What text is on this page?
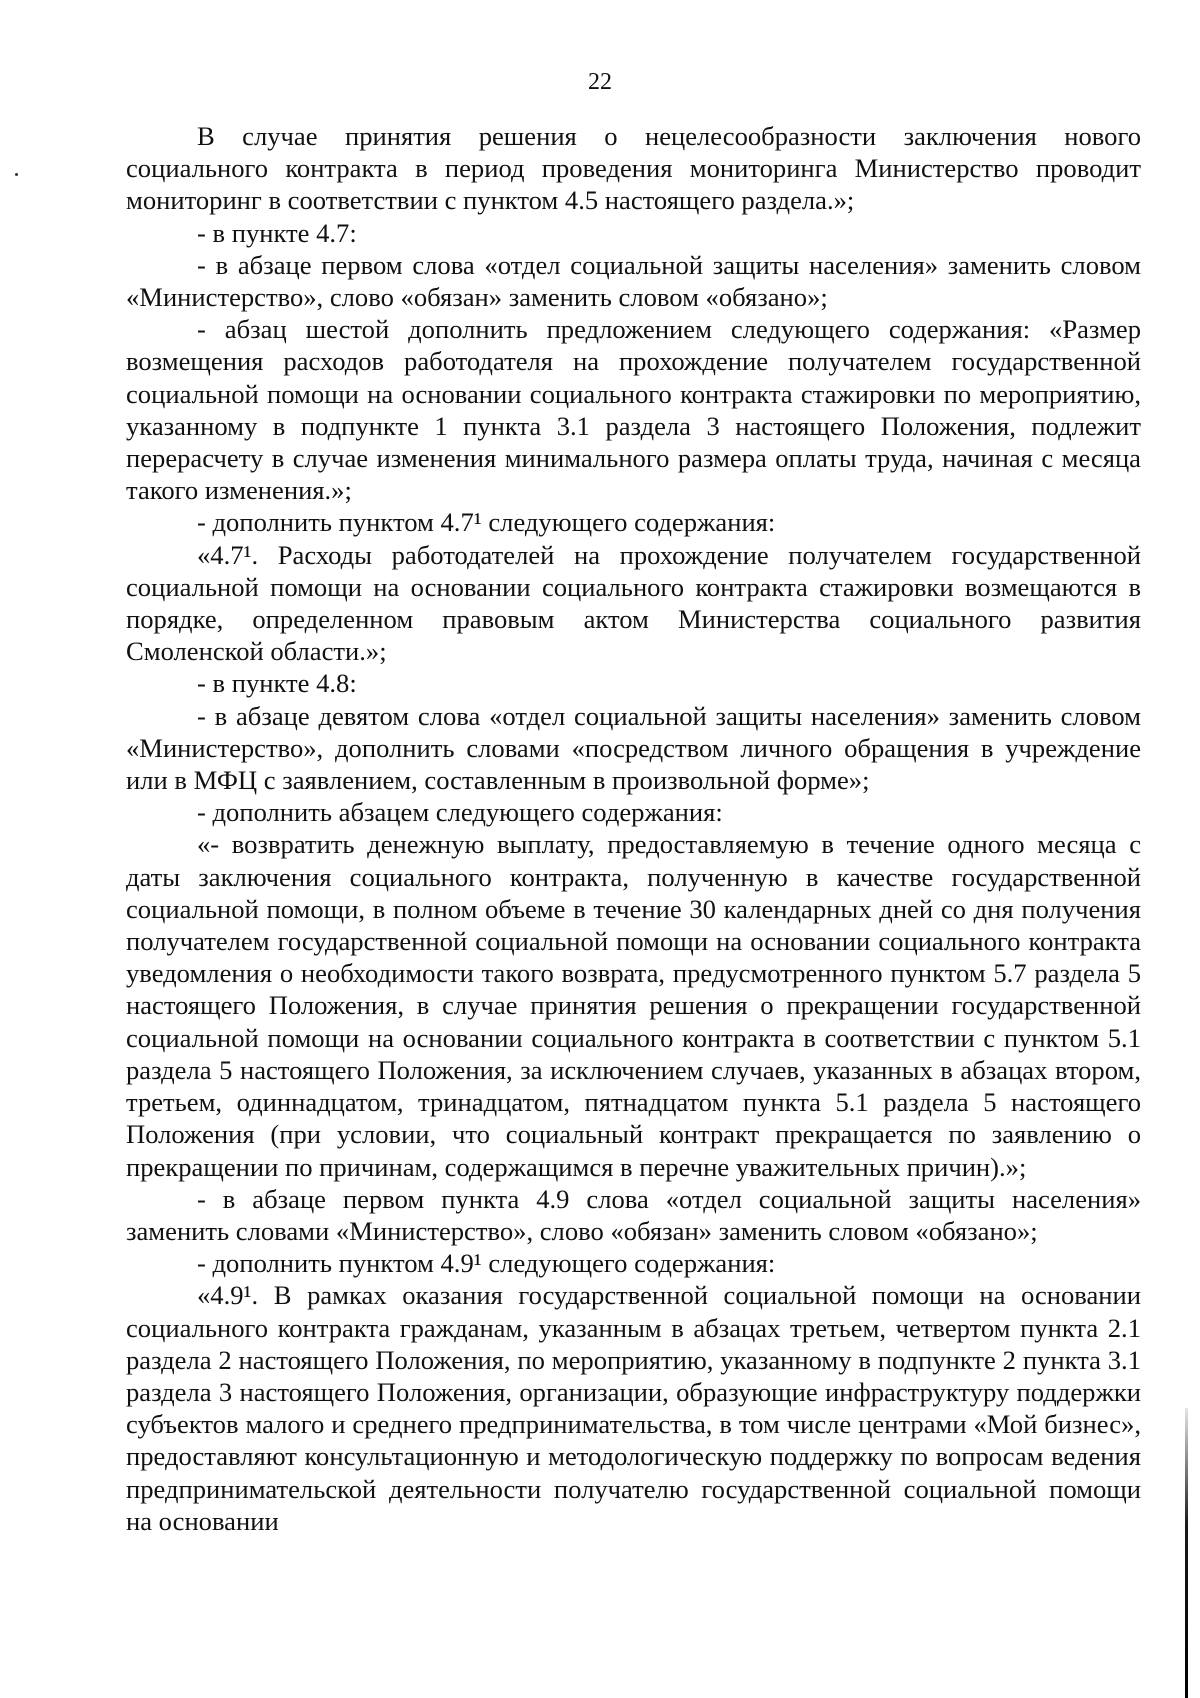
22

В случае принятия решения о нецелесообразности заключения нового социального контракта в период проведения мониторинга Министерство проводит мониторинг в соответствии с пунктом 4.5 настоящего раздела.»;

- в пункте 4.7:

- в абзаце первом слова «отдел социальной защиты населения» заменить словом «Министерство», слово «обязан» заменить словом «обязано»;

- абзац шестой дополнить предложением следующего содержания: «Размер возмещения расходов работодателя на прохождение получателем государственной социальной помощи на основании социального контракта стажировки по мероприятию, указанному в подпункте 1 пункта 3.1 раздела 3 настоящего Положения, подлежит перерасчету в случае изменения минимального размера оплаты труда, начиная с месяца такого изменения.»;

- дополнить пунктом 4.7¹ следующего содержания:

«4.7¹. Расходы работодателей на прохождение получателем государственной социальной помощи на основании социального контракта стажировки возмещаются в порядке, определенном правовым актом Министерства социального развития Смоленской области.»;

- в пункте 4.8:

- в абзаце девятом слова «отдел социальной защиты населения» заменить словом «Министерство», дополнить словами «посредством личного обращения в учреждение или в МФЦ с заявлением, составленным в произвольной форме»;

- дополнить абзацем следующего содержания:

«- возвратить денежную выплату, предоставляемую в течение одного месяца с даты заключения социального контракта, полученную в качестве государственной социальной помощи, в полном объеме в течение 30 календарных дней со дня получения получателем государственной социальной помощи на основании социального контракта уведомления о необходимости такого возврата, предусмотренного пунктом 5.7 раздела 5 настоящего Положения, в случае принятия решения о прекращении государственной социальной помощи на основании социального контракта в соответствии с пунктом 5.1 раздела 5 настоящего Положения, за исключением случаев, указанных в абзацах втором, третьем, одиннадцатом, тринадцатом, пятнадцатом пункта 5.1 раздела 5 настоящего Положения (при условии, что социальный контракт прекращается по заявлению о прекращении по причинам, содержащимся в перечне уважительных причин).»;

- в абзаце первом пункта 4.9 слова «отдел социальной защиты населения» заменить словами «Министерство», слово «обязан» заменить словом «обязано»;

- дополнить пунктом 4.9¹ следующего содержания:

«4.9¹. В рамках оказания государственной социальной помощи на основании социального контракта гражданам, указанным в абзацах третьем, четвертом пункта 2.1 раздела 2 настоящего Положения, по мероприятию, указанному в подпункте 2 пункта 3.1 раздела 3 настоящего Положения, организации, образующие инфраструктуру поддержки субъектов малого и среднего предпринимательства, в том числе центрами «Мой бизнес», предоставляют консультационную и методологическую поддержку по вопросам ведения предпринимательской деятельности получателю государственной социальной помощи на основании
